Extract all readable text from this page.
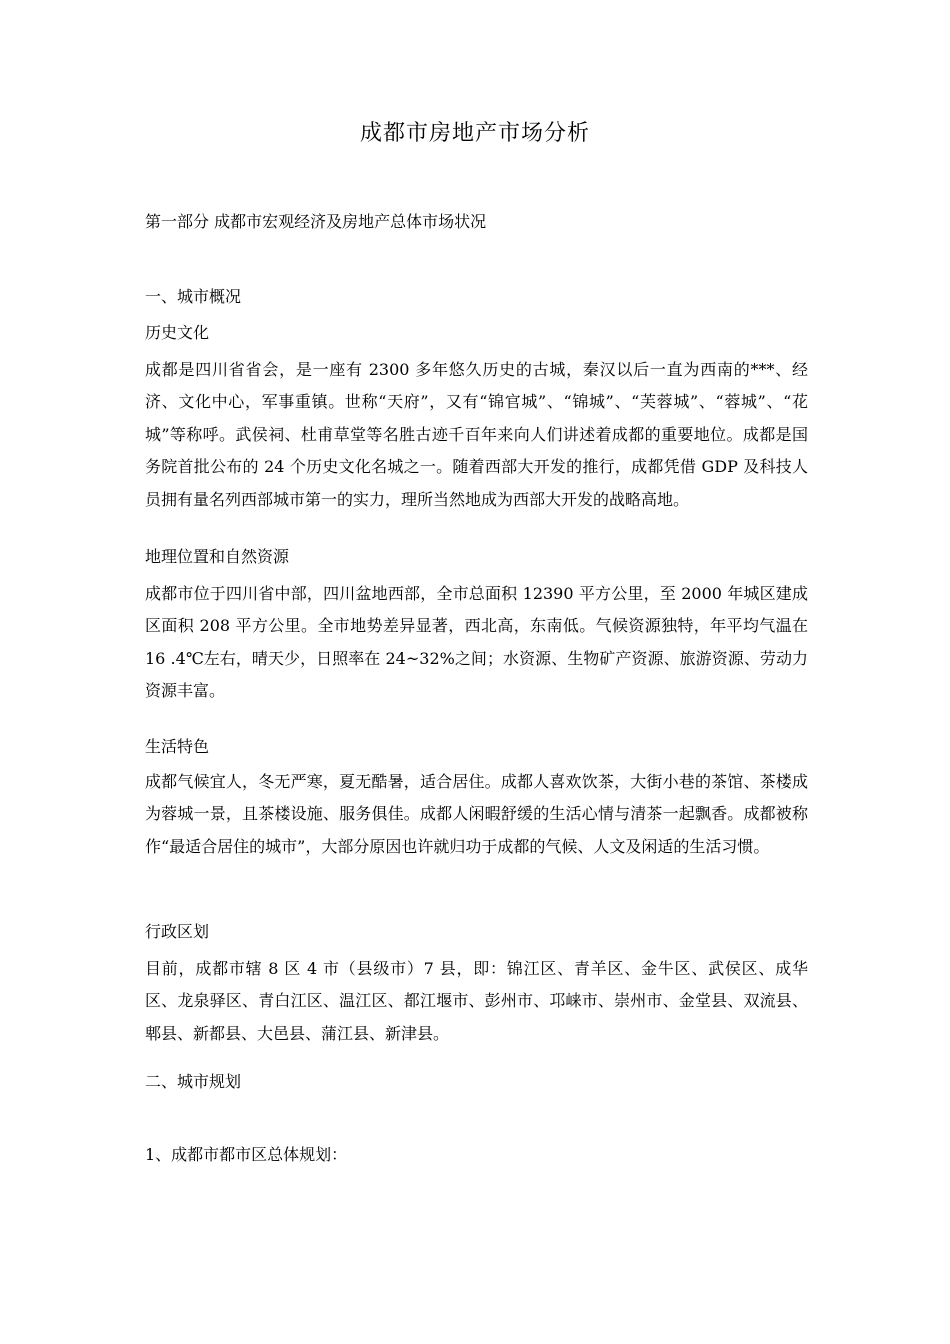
成都市房地产市场分析
第一部分 成都市宏观经济及房地产总体市场状况
一、城市概况
历史文化
成都是四川省省会，是一座有 2300 多年悠久历史的古城，秦汉以后一直为西南的***、经济、文化中心，军事重镇。世称“天府”，又有“锦官城”、“锦城”、“芙蓉城”、“蓉城”、“花城”等称呼。武侯祠、杜甫草堂等名胜古迹千百年来向人们讲述着成都的重要地位。成都是国务院首批公布的 24 个历史文化名城之一。随着西部大开发的推行，成都凭借 GDP 及科技人员拥有量名列西部城市第一的实力，理所当然地成为西部大开发的战略高地。
地理位置和自然资源
成都市位于四川省中部，四川盆地西部，全市总面积 12390 平方公里，至 2000 年城区建成区面积 208 平方公里。全市地势差异显著，西北高，东南低。气候资源独特，年平均气温在 16 .4℃左右，晴天少，日照率在 24~32%之间；水资源、生物矿产资源、旅游资源、劳动力资源丰富。
生活特色
成都气候宜人，冬无严寒，夏无酷暑，适合居住。成都人喜欢饮茶，大街小巷的茶馆、茶楼成为蓉城一景，且茶楼设施、服务俱佳。成都人闲暇舒缓的生活心情与清茶一起飘香。成都被称作“最适合居住的城市”，大部分原因也许就归功于成都的气候、人文及闲适的生活习惯。
行政区划
目前，成都市辖 8 区 4 市（县级市）7 县，即：锦江区、青羊区、金牛区、武侯区、成华区、龙泉驿区、青白江区、温江区、都江堰市、彭州市、邛崃市、崇州市、金堂县、双流县、郫县、新都县、大邑县、蒲江县、新津县。
二、城市规划
1、成都市都市区总体规划：
